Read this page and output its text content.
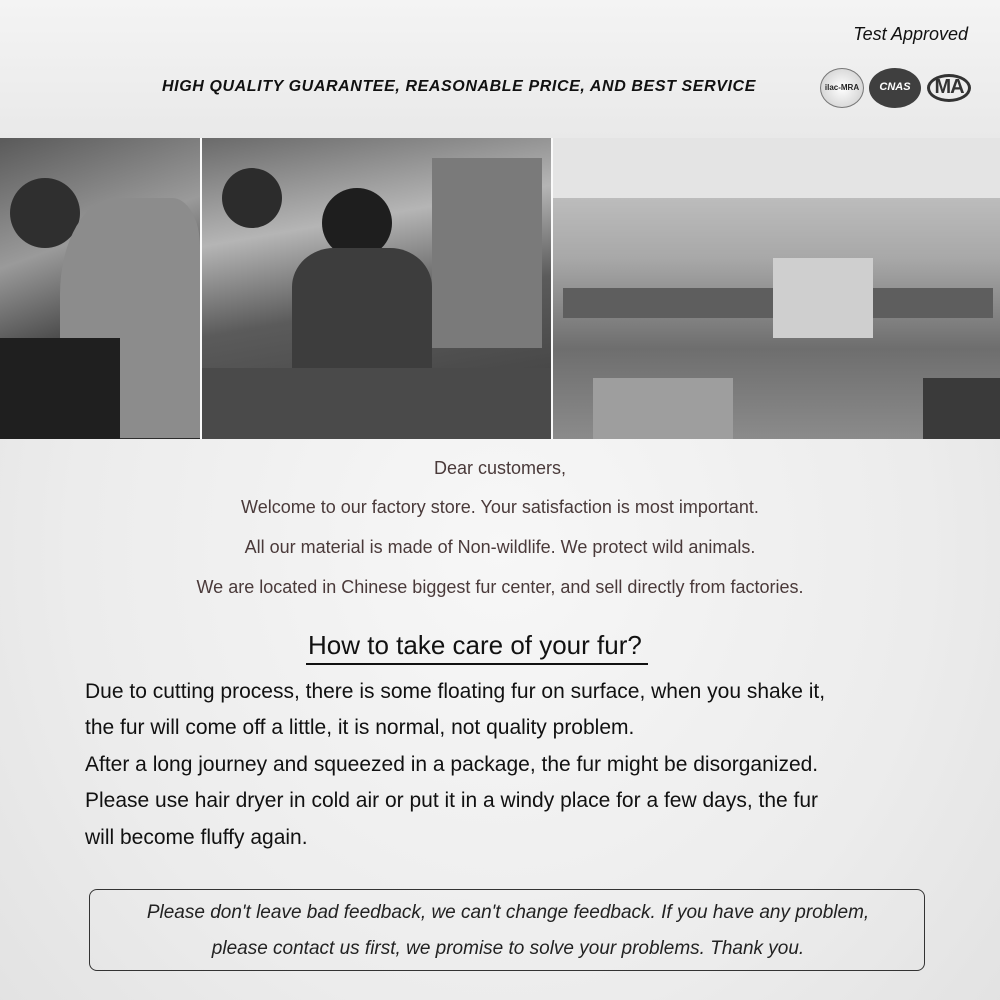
Test Approved
HIGH QUALITY GUARANTEE, REASONABLE PRICE, AND BEST SERVICE	ilac-MRA	CNAS	MA
Dear customers,
Welcome to our factory store. Your satisfaction is most important.
All our material is made of Non-wildlife. We protect wild animals.
We are located in Chinese biggest fur center, and sell directly from factories.
How to take care of your fur?
Due to cutting process, there is some floating fur on surface, when you shake it,
the fur will come off a little, it is normal, not quality problem.
After a long journey and squeezed in a package, the fur might be disorganized.
Please use hair dryer in cold air or put it in a windy place for a few days, the fur
will become fluffy again.
Please don't leave bad feedback, we can't change feedback. If you have any problem,
please contact us first, we promise to solve your problems. Thank you.
